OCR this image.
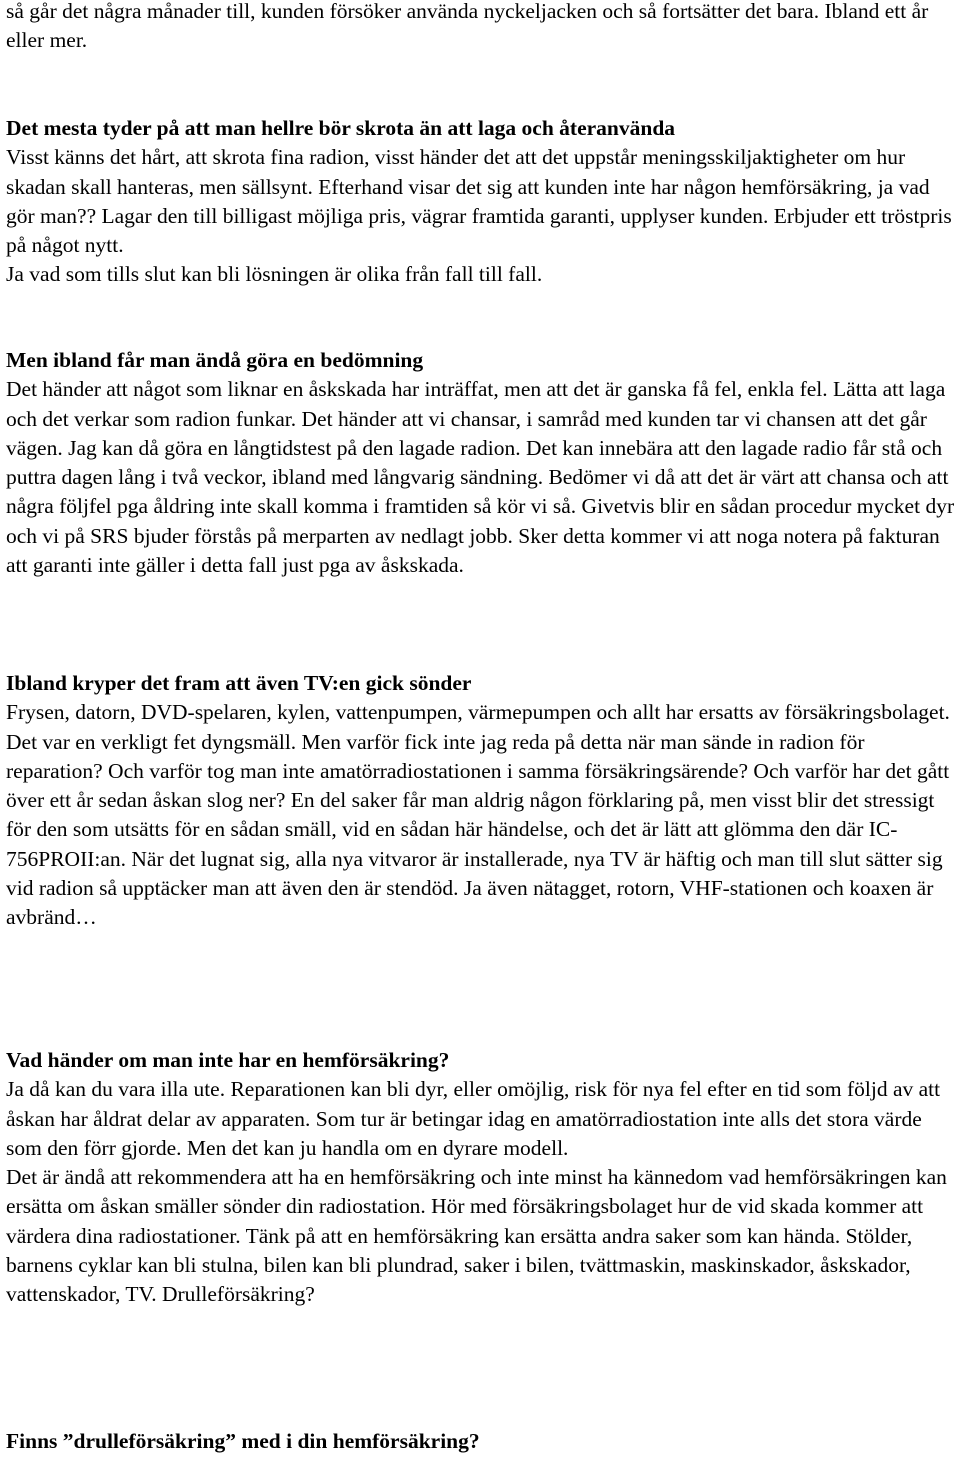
så går det några månader till, kunden försöker använda nyckeljacken och så fortsätter det bara. Ibland ett år eller mer.

Det mesta tyder på att man hellre bör skrota än att laga och återanvända

Visst känns det hårt, att skrota fina radion, visst händer det att det uppstår meningsskiljaktigheter om hur skadan skall hanteras, men sällsynt. Efterhand visar det sig att kunden inte har någon hemförsäkring, ja vad gör man?? Lagar den till billigast möjliga pris, vägrar framtida garanti, upplyser kunden. Erbjuder ett tröstpris på något nytt.

Ja vad som tills slut kan bli lösningen är olika från fall till fall.

Men ibland får man ändå göra en bedömning

Det händer att något som liknar en åskskada har inträffat, men att det är ganska få fel, enkla fel. Lätta att laga och det verkar som radion funkar. Det händer att vi chansar, i samråd med kunden tar vi chansen att det går vägen. Jag kan då göra en långtidstest på den lagade radion. Det kan innebära att den lagade radio får stå och puttra dagen lång i två veckor, ibland med långvarig sändning. Bedömer vi då att det är värt att chansa och att några följfel pga åldring inte skall komma i framtiden så kör vi så. Givetvis blir en sådan procedur mycket dyr och vi på SRS bjuder förstås på merparten av nedlagt jobb. Sker detta kommer vi att noga notera på fakturan att garanti inte gäller i detta fall just pga av åskskada.

Ibland kryper det fram att även TV:en gick sönder

Frysen, datorn, DVD-spelaren, kylen, vattenpumpen, värmepumpen och allt har ersatts av försäkringsbolaget.

Det var en verkligt fet dyngsmäll. Men varför fick inte jag reda på detta när man sände in radion för reparation? Och varför tog man inte amatörradiostationen i samma försäkringsärende? Och varför har det gått över ett år sedan åskan slog ner? En del saker får man aldrig någon förklaring på, men visst blir det stressigt för den som utsätts för en sådan smäll, vid en sådan här händelse, och det är lätt att glömma den där IC-756PROII:an. När det lugnat sig, alla nya vitvaror är installerade, nya TV är häftig och man till slut sätter sig vid radion så upptäcker man att även den är stendöd. Ja även nätagget, rotorn, VHF-stationen och koaxen är avbränd…

Vad händer om man inte har en hemförsäkring?

Ja då kan du vara illa ute. Reparationen kan bli dyr, eller omöjlig, risk för nya fel efter en tid som följd av att åskan har åldrat delar av apparaten. Som tur är betingar idag en amatörradiostation inte alls det stora värde som den förr gjorde. Men det kan ju handla om en dyrare modell.

Det är ändå att rekommendera att ha en hemförsäkring och inte minst ha kännedom vad hemförsäkringen kan ersätta om åskan smäller sönder din radiostation. Hör med försäkringsbolaget hur de vid skada kommer att värdera dina radiostationer. Tänk på att en hemförsäkring kan ersätta andra saker som kan hända. Stölder, barnens cyklar kan bli stulna, bilen kan bli plundrad, saker i bilen, tvättmaskin, maskinskador, åskskador, vattenskador, TV. Drulleförsäkring?

Finns ”drulleförsäkring” med i din hemförsäkring?
